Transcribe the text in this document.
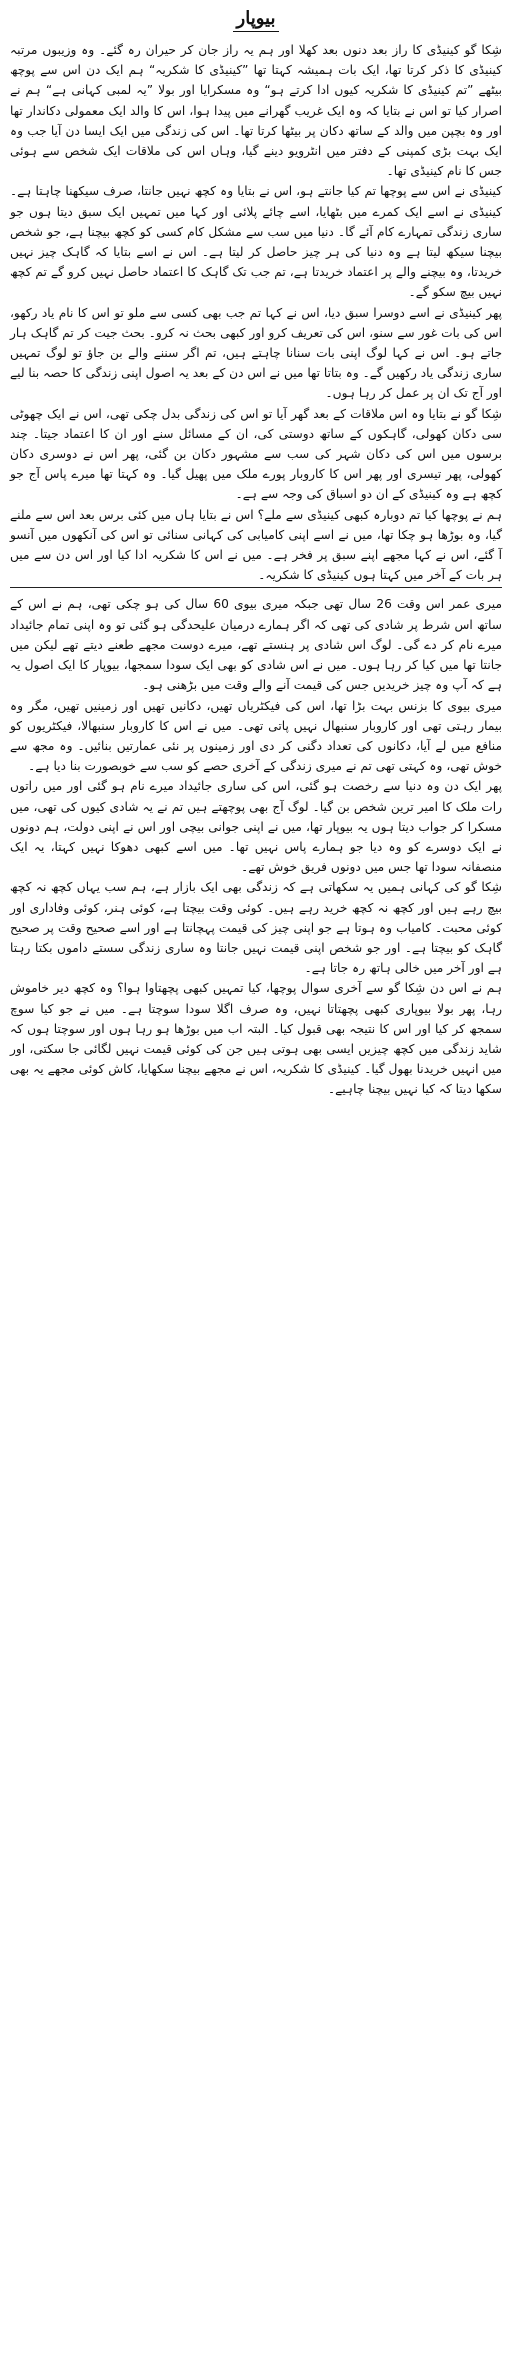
بیوپار

شِکا گو کینیڈی کا راز بعد دنوں بعد کھلا اور ہم یہ راز جان کر حیران رہ گئے۔ وہ وزیبوں مرتبہ کینیڈی کا ذکر کرتا تھا، ایک بات ہمیشہ کہتا تھا ”کینیڈی کا شکریہ“ ہم ایک دن اس سے پوچھ بیٹھے ”تم کینیڈی کا شکریہ کیوں ادا کرتے ہو“ وہ مسکرایا اور بولا ”یہ لمبی کہانی ہے“ ہم نے اصرار کیا تو اس نے بتایا کہ وہ ایک غریب گھرانے میں پیدا ہوا، اس کا والد ایک معمولی دکاندار تھا اور وہ بچپن میں والد کے ساتھ دکان پر بیٹھا کرتا تھا۔ اس کی زندگی میں ایک ایسا دن آیا جب وہ ایک بہت بڑی کمپنی کے دفتر میں انٹرویو دینے گیا، وہاں اس کی ملاقات ایک شخص سے ہوئی جس کا نام کینیڈی تھا۔

کینیڈی نے اس سے پوچھا تم کیا جانتے ہو، اس نے بتایا وہ کچھ نہیں جانتا، صرف سیکھنا چاہتا ہے۔ کینیڈی نے اسے ایک کمرے میں بٹھایا، اسے چائے پلائی اور کہا میں تمہیں ایک سبق دیتا ہوں جو ساری زندگی تمہارے کام آئے گا۔ دنیا میں سب سے مشکل کام کسی کو کچھ بیچنا ہے، جو شخص بیچنا سیکھ لیتا ہے وہ دنیا کی ہر چیز حاصل کر لیتا ہے۔ اس نے اسے بتایا کہ گاہک چیز نہیں خریدتا، وہ بیچنے والے پر اعتماد خریدتا ہے، تم جب تک گاہک کا اعتماد حاصل نہیں کرو گے تم کچھ نہیں بیچ سکو گے۔

پھر کینیڈی نے اسے دوسرا سبق دیا، اس نے کہا تم جب بھی کسی سے ملو تو اس کا نام یاد رکھو، اس کی بات غور سے سنو، اس کی تعریف کرو اور کبھی بحث نہ کرو۔ بحث جیت کر تم گاہک ہار جاتے ہو۔ اس نے کہا لوگ اپنی بات سنانا چاہتے ہیں، تم اگر سننے والے بن جاؤ تو لوگ تمہیں ساری زندگی یاد رکھیں گے۔ وہ بتاتا تھا میں نے اس دن کے بعد یہ اصول اپنی زندگی کا حصہ بنا لیے اور آج تک ان پر عمل کر رہا ہوں۔

شِکا گو نے بتایا وہ اس ملاقات کے بعد گھر آیا تو اس کی زندگی بدل چکی تھی، اس نے ایک چھوٹی سی دکان کھولی، گاہکوں کے ساتھ دوستی کی، ان کے مسائل سنے اور ان کا اعتماد جیتا۔ چند برسوں میں اس کی دکان شہر کی سب سے مشہور دکان بن گئی، پھر اس نے دوسری دکان کھولی، پھر تیسری اور پھر اس کا کاروبار پورے ملک میں پھیل گیا۔ وہ کہتا تھا میرے پاس آج جو کچھ ہے وہ کینیڈی کے ان دو اسباق کی وجہ سے ہے۔

ہم نے پوچھا کیا تم دوبارہ کبھی کینیڈی سے ملے؟ اس نے بتایا ہاں میں کئی برس بعد اس سے ملنے گیا، وہ بوڑھا ہو چکا تھا، میں نے اسے اپنی کامیابی کی کہانی سنائی تو اس کی آنکھوں میں آنسو آ گئے، اس نے کہا مجھے اپنے سبق پر فخر ہے۔ میں نے اس کا شکریہ ادا کیا اور اس دن سے میں ہر بات کے آخر میں کہتا ہوں کینیڈی کا شکریہ۔

میری عمر اس وقت 26 سال تھی جبکہ میری بیوی 60 سال کی ہو چکی تھی، ہم نے اس کے ساتھ اس شرط پر شادی کی تھی کہ اگر ہمارے درمیان علیحدگی ہو گئی تو وہ اپنی تمام جائیداد میرے نام کر دے گی۔ لوگ اس شادی پر ہنستے تھے، میرے دوست مجھے طعنے دیتے تھے لیکن میں جانتا تھا میں کیا کر رہا ہوں۔ میں نے اس شادی کو بھی ایک سودا سمجھا، بیوپار کا ایک اصول یہ ہے کہ آپ وہ چیز خریدیں جس کی قیمت آنے والے وقت میں بڑھنی ہو۔

میری بیوی کا بزنس بہت بڑا تھا، اس کی فیکٹریاں تھیں، دکانیں تھیں اور زمینیں تھیں، مگر وہ بیمار رہتی تھی اور کاروبار سنبھال نہیں پاتی تھی۔ میں نے اس کا کاروبار سنبھالا، فیکٹریوں کو منافع میں لے آیا، دکانوں کی تعداد دگنی کر دی اور زمینوں پر نئی عمارتیں بنائیں۔ وہ مجھ سے خوش تھی، وہ کہتی تھی تم نے میری زندگی کے آخری حصے کو سب سے خوبصورت بنا دیا ہے۔

پھر ایک دن وہ دنیا سے رخصت ہو گئی، اس کی ساری جائیداد میرے نام ہو گئی اور میں راتوں رات ملک کا امیر ترین شخص بن گیا۔ لوگ آج بھی پوچھتے ہیں تم نے یہ شادی کیوں کی تھی، میں مسکرا کر جواب دیتا ہوں یہ بیوپار تھا، میں نے اپنی جوانی بیچی اور اس نے اپنی دولت، ہم دونوں نے ایک دوسرے کو وہ دیا جو ہمارے پاس نہیں تھا۔ میں اسے کبھی دھوکا نہیں کہتا، یہ ایک منصفانہ سودا تھا جس میں دونوں فریق خوش تھے۔

شِکا گو کی کہانی ہمیں یہ سکھاتی ہے کہ زندگی بھی ایک بازار ہے، ہم سب یہاں کچھ نہ کچھ بیچ رہے ہیں اور کچھ نہ کچھ خرید رہے ہیں۔ کوئی وقت بیچتا ہے، کوئی ہنر، کوئی وفاداری اور کوئی محبت۔ کامیاب وہ ہوتا ہے جو اپنی چیز کی قیمت پہچانتا ہے اور اسے صحیح وقت پر صحیح گاہک کو بیچتا ہے۔ اور جو شخص اپنی قیمت نہیں جانتا وہ ساری زندگی سستے داموں بکتا رہتا ہے اور آخر میں خالی ہاتھ رہ جاتا ہے۔

ہم نے اس دن شِکا گو سے آخری سوال پوچھا، کیا تمہیں کبھی پچھتاوا ہوا؟ وہ کچھ دیر خاموش رہا، پھر بولا بیوپاری کبھی پچھتاتا نہیں، وہ صرف اگلا سودا سوچتا ہے۔ میں نے جو کیا سوچ سمجھ کر کیا اور اس کا نتیجہ بھی قبول کیا۔ البتہ اب میں بوڑھا ہو رہا ہوں اور سوچتا ہوں کہ شاید زندگی میں کچھ چیزیں ایسی بھی ہوتی ہیں جن کی کوئی قیمت نہیں لگائی جا سکتی، اور میں انہیں خریدنا بھول گیا۔ کینیڈی کا شکریہ، اس نے مجھے بیچنا سکھایا، کاش کوئی مجھے یہ بھی سکھا دیتا کہ کیا نہیں بیچنا چاہیے۔
